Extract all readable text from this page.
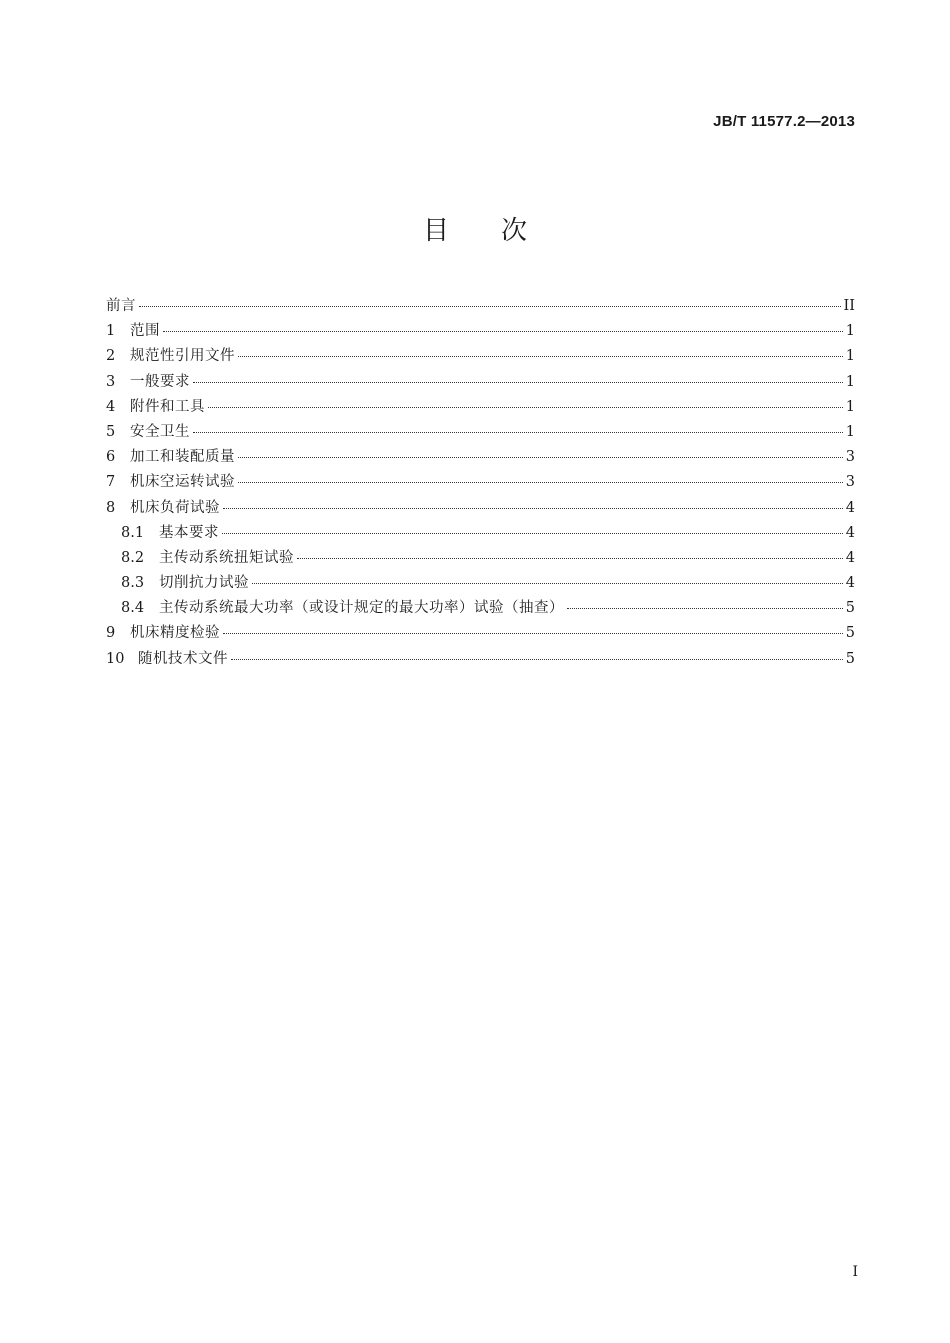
JB/T 11577.2—2013
目 次
前言	II
1	范围	1
2	规范性引用文件	1
3	一般要求	1
4	附件和工具	1
5	安全卫生	1
6	加工和装配质量	3
7	机床空运转试验	3
8	机床负荷试验	4
8.1	基本要求	4
8.2	主传动系统扭矩试验	4
8.3	切削抗力试验	4
8.4	主传动系统最大功率（或设计规定的最大功率）试验（抽查）	5
9	机床精度检验	5
10 随机技术文件	5
I
